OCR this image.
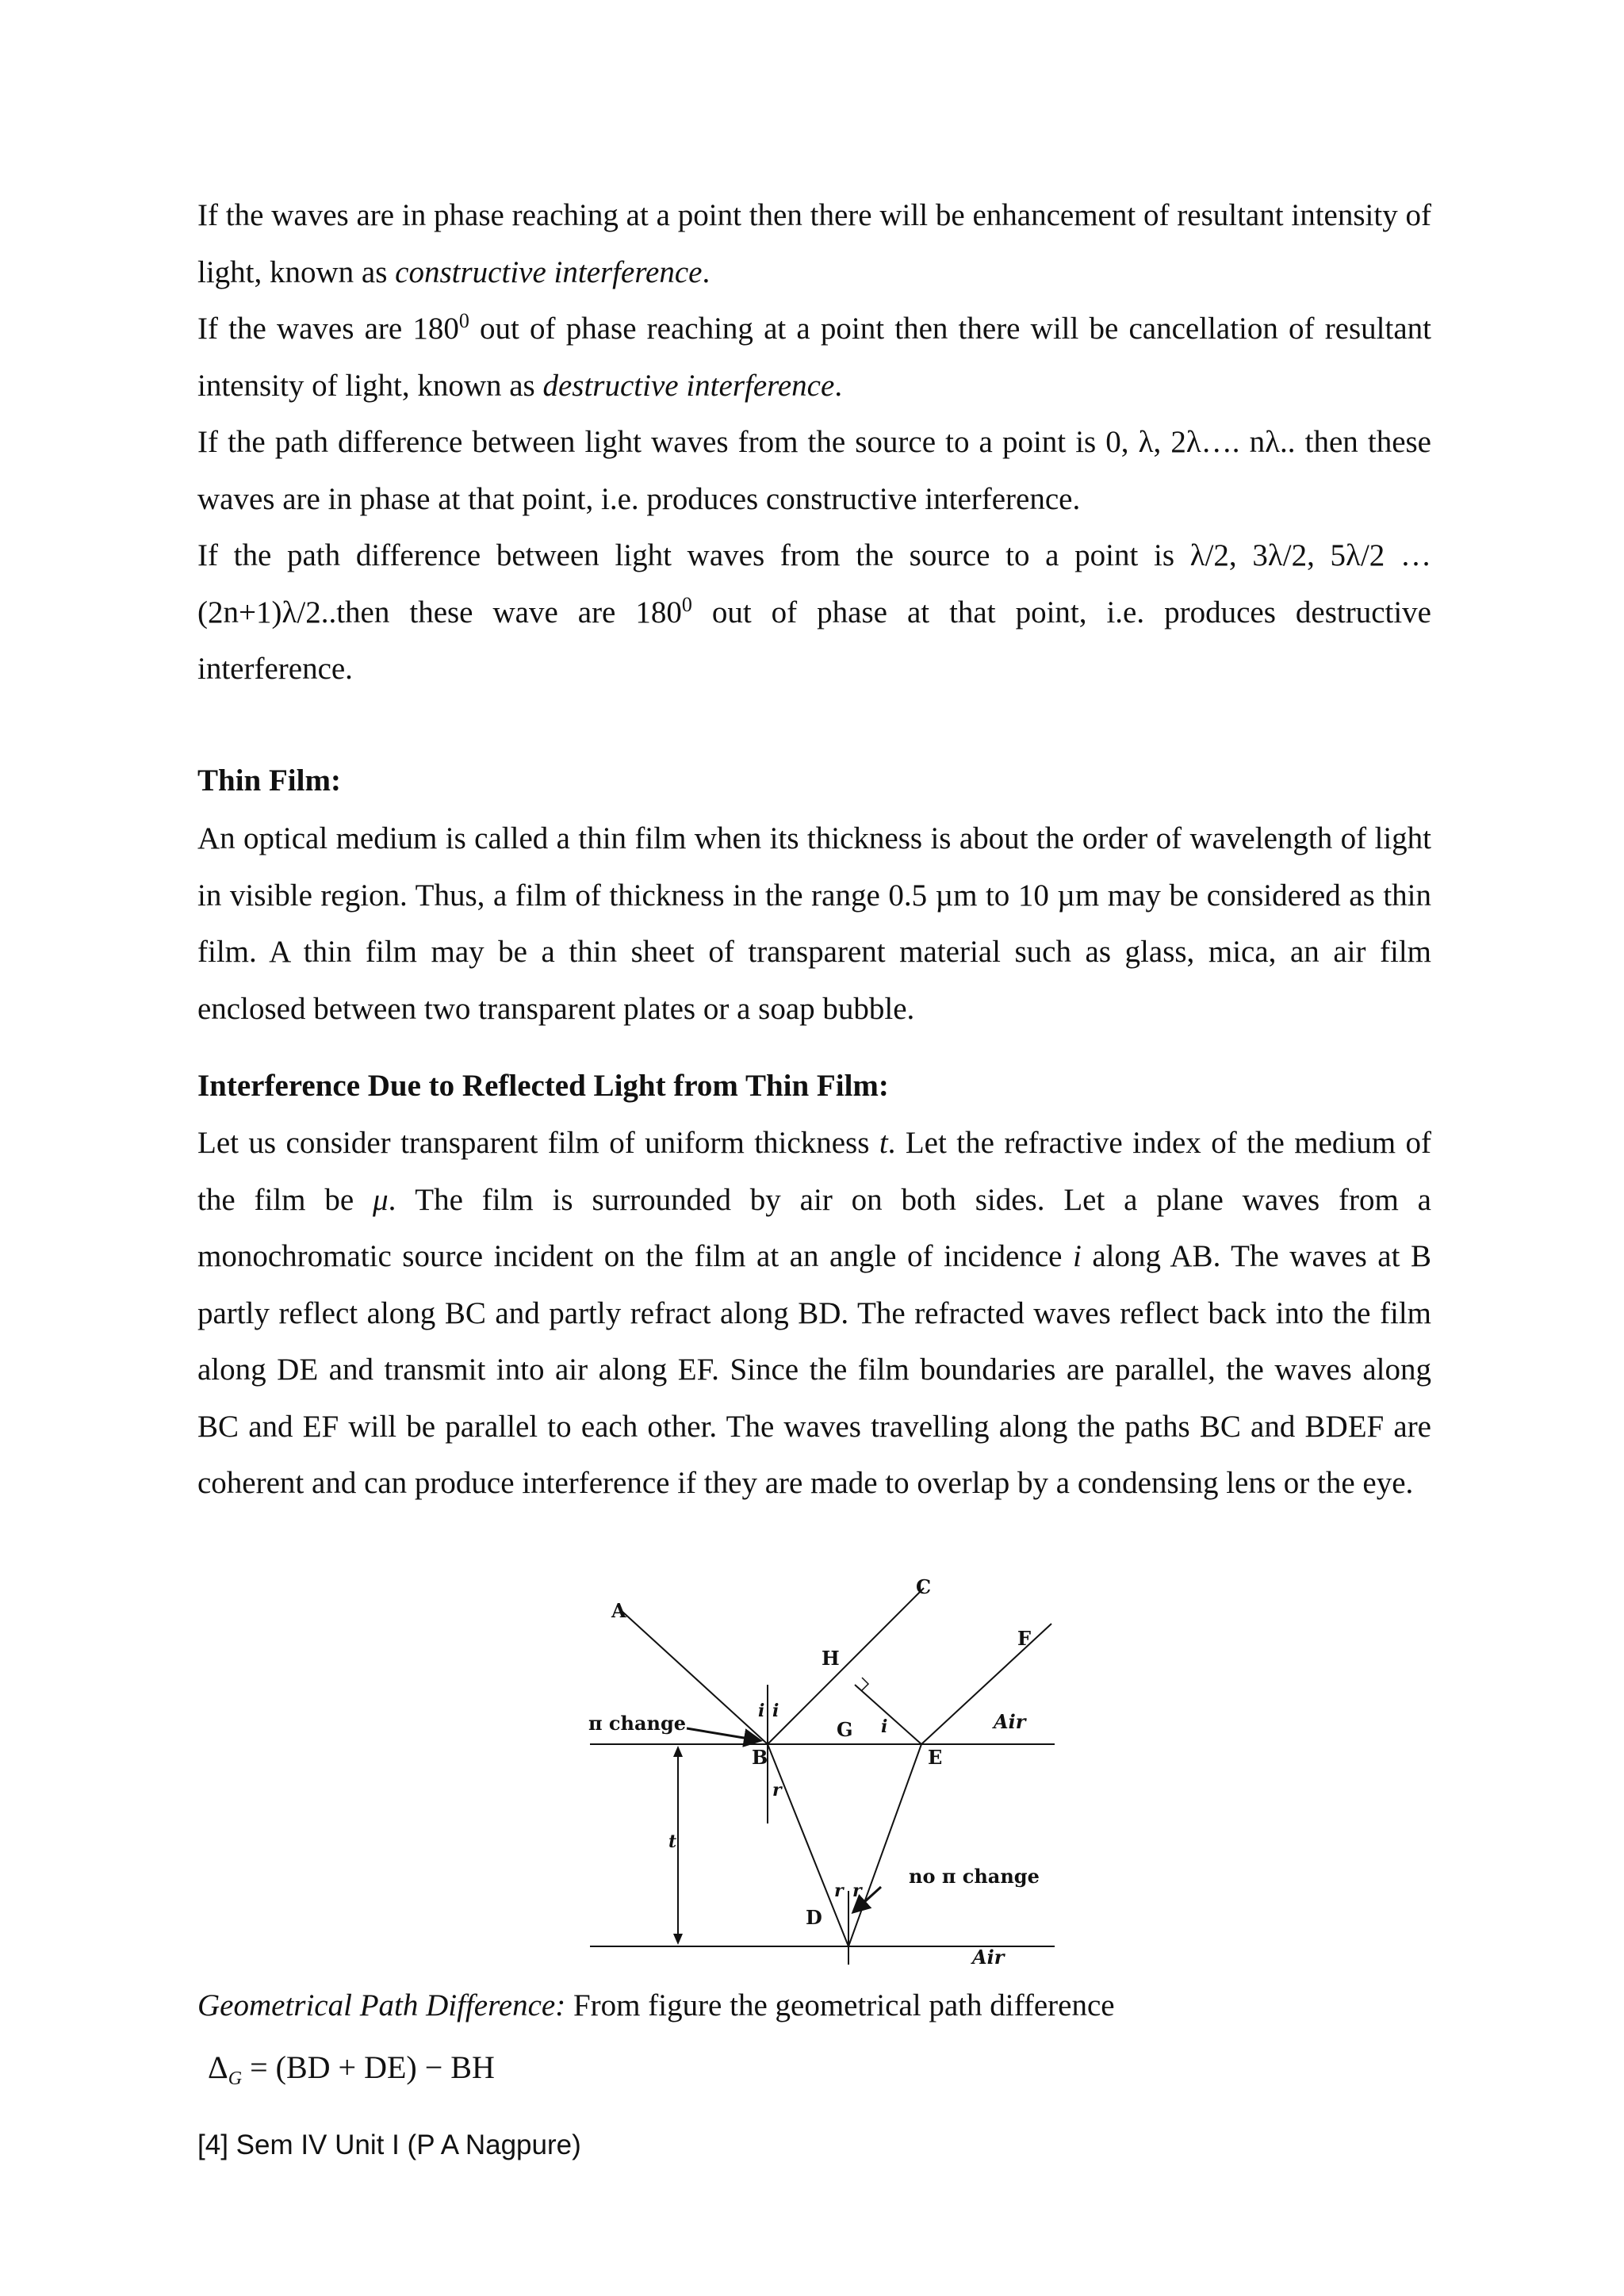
If the waves are in phase reaching at a point then there will be enhancement of resultant intensity of light, known as constructive interference.

If the waves are $180^0$ out of phase reaching at a point then there will be cancellation of resultant intensity of light, known as destructive interference.

If the path difference between light waves from the source to a point is 0, λ, 2λ…. nλ.. then these waves are in phase at that point, i.e. produces constructive interference.

If the path difference between light waves from the source to a point is λ/2, 3λ/2, 5λ/2 … (2n+1)λ/2..then these wave are $180^0$ out of phase at that point, i.e. produces destructive interference.

Thin Film:

An optical medium is called a thin film when its thickness is about the order of wavelength of light in visible region. Thus, a film of thickness in the range 0.5 µm to 10 µm may be considered as thin film. A thin film may be a thin sheet of transparent material such as glass, mica, an air film enclosed between two transparent plates or a soap bubble.

Interference Due to Reflected Light from Thin Film:

Let us consider transparent film of uniform thickness t. Let the refractive index of the medium of the film be μ. The film is surrounded by air on both sides. Let a plane waves from a monochromatic source incident on the film at an angle of incidence i along AB. The waves at B partly reflect along BC and partly refract along BD. The refracted waves reflect back into the film along DE and transmit into air along EF. Since the film boundaries are parallel, the waves along BC and EF will be parallel to each other. The waves travelling along the paths BC and BDEF are coherent and can produce interference if they are made to overlap by a condensing lens or the eye.

A
C
F
H
B
G
E
D
i i
i
r
r r
t
Air
Air
π change
no π change
Geometrical Path Difference: From figure the geometrical path difference
$\Delta_G = (BD + DE)$ − BH
[4] Sem IV Unit I (P A Nagpure)
